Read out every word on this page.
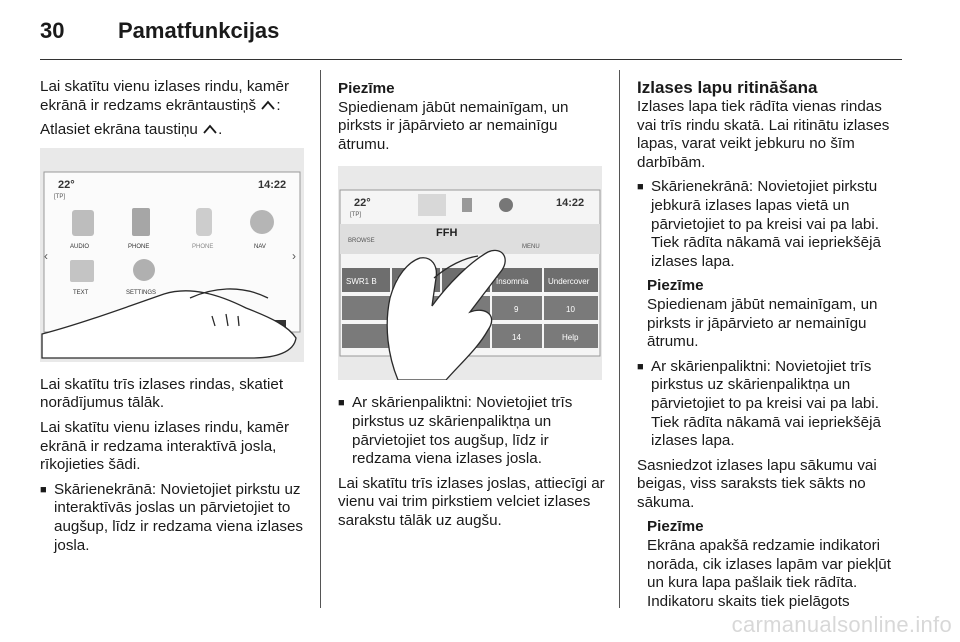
30	Pamatfunkcijas
Lai skatītu vienu izlases rindu, kamēr ekrānā ir redzams ekrāntaustiņš :
Atlasiet ekrāna taustiņu .
22°
[TP]
14:22
‹	›
AUDIO	PHONE	PHONE	NAV
TEXT	SETTINGS
Lai skatītu trīs izlases rindas, skatiet norādījumus tālāk.
Lai skatītu vienu izlases rindu, kamēr ekrānā ir redzama interaktīvā josla, rīkojieties šādi.
■ Skārienekrānā: Novietojiet pirkstu uz interaktīvās joslas un pārvietojiet to augšup, līdz ir redzama viena izlases josla.
Piezīme
Spiedienam jābūt nemainīgam, un pirksts ir jāpārvieto ar nemainīgu ātrumu.
22°
[TP]
14:22
BROWSE
FFH
MENU
SWR1 B	Insomnia Undercover
9	10
14	Help
■ Ar skārienpaliktni: Novietojiet trīs pirkstus uz skārienpaliktņa un pārvietojiet tos augšup, līdz ir redzama viena izlases josla.
Lai skatītu trīs izlases joslas, attiecīgi ar vienu vai trim pirkstiem velciet izlases sarakstu tālāk uz augšu.
Izlases lapu ritināšana
Izlases lapa tiek rādīta vienas rindas vai trīs rindu skatā. Lai ritinātu izlases lapas, varat veikt jebkuru no šīm darbībām.
■ Skārienekrānā: Novietojiet pirkstu jebkurā izlases lapas vietā un pārvietojiet to pa kreisi vai pa labi. Tiek rādīta nākamā vai iepriekšējā izlases lapa.
Piezīme
Spiedienam jābūt nemainīgam, un pirksts ir jāpārvieto ar nemainīgu ātrumu.
■ Ar skārienpaliktni: Novietojiet trīs pirkstus uz skārienpaliktņa un pārvietojiet to pa kreisi vai pa labi. Tiek rādīta nākamā vai iepriekšējā izlases lapa.
Sasniedzot izlases lapu sākumu vai beigas, viss saraksts tiek sākts no sākuma.
Piezīme
Ekrāna apakšā redzamie indikatori norāda, cik izlases lapām var piekļūt un kura lapa pašlaik tiek rādīta. Indikatoru skaits tiek pielāgots
carmanualsonline.info
